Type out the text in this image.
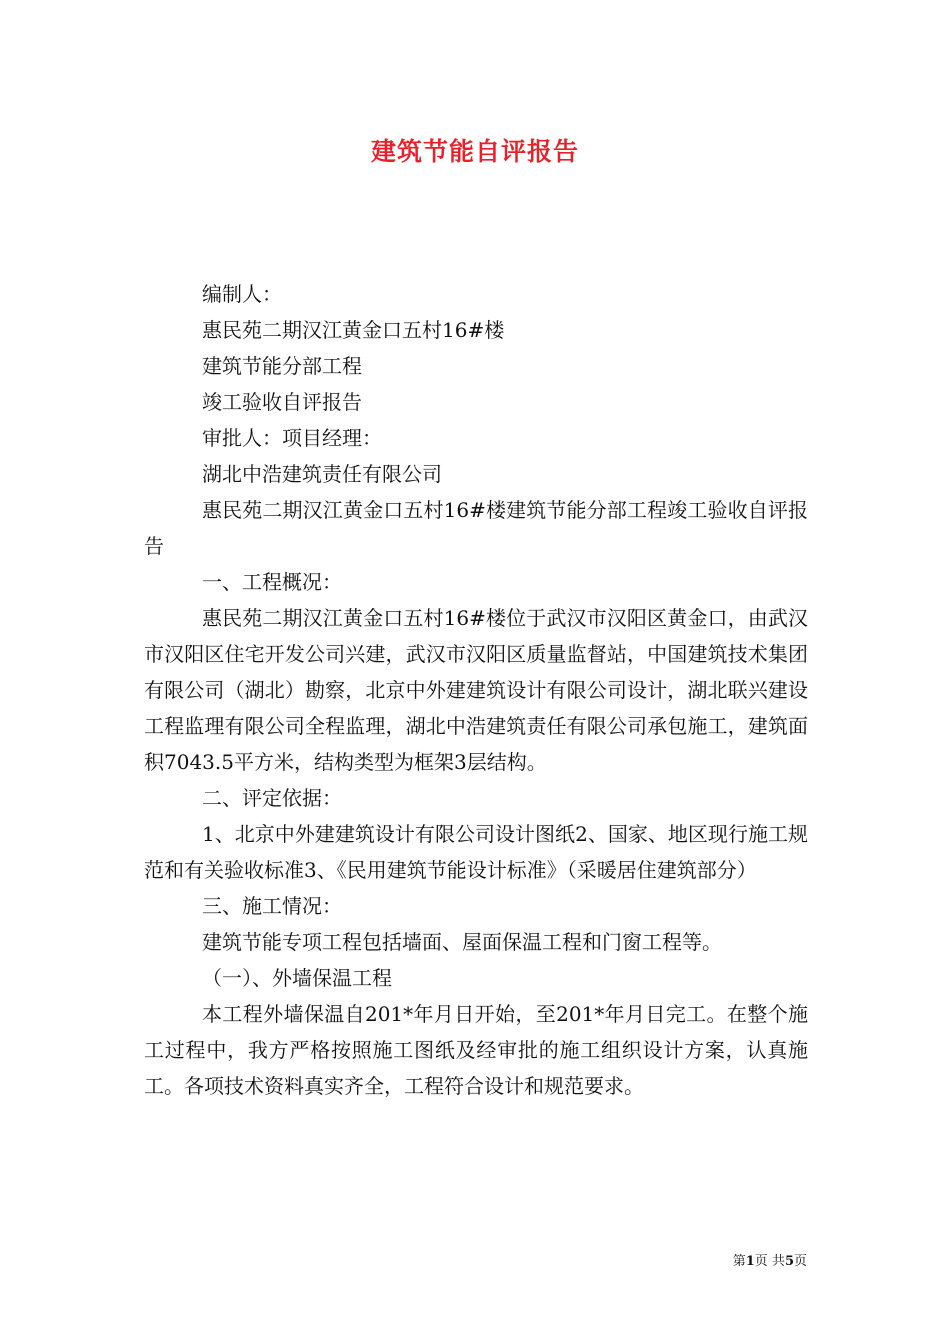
建筑节能自评报告

编制人：

惠民苑二期汉江黄金口五村16#楼

建筑节能分部工程

竣工验收自评报告

审批人：项目经理：

湖北中浩建筑责任有限公司

惠民苑二期汉江黄金口五村16#楼建筑节能分部工程竣工验收自评报告

一、工程概况：

惠民苑二期汉江黄金口五村16#楼位于武汉市汉阳区黄金口，由武汉市汉阳区住宅开发公司兴建，武汉市汉阳区质量监督站，中国建筑技术集团有限公司（湖北）勘察，北京中外建建筑设计有限公司设计，湖北联兴建设工程监理有限公司全程监理，湖北中浩建筑责任有限公司承包施工，建筑面积7043.5平方米，结构类型为框架3层结构。

二、评定依据：

1、北京中外建建筑设计有限公司设计图纸2、国家、地区现行施工规范和有关验收标准3、《民用建筑节能设计标准》（采暖居住建筑部分）

三、施工情况：

建筑节能专项工程包括墙面、屋面保温工程和门窗工程等。

（一）、外墙保温工程

本工程外墙保温自201*年月日开始，至201*年月日完工。在整个施工过程中，我方严格按照施工图纸及经审批的施工组织设计方案，认真施工。各项技术资料真实齐全，工程符合设计和规范要求。

第1页 共5页
